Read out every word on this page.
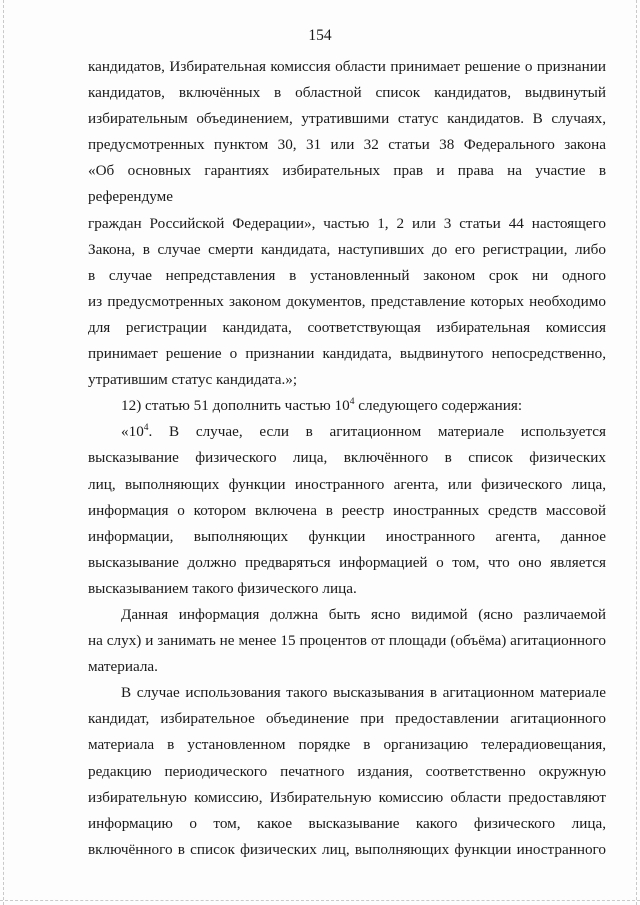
154
кандидатов, Избирательная комиссия области принимает решение о признании
кандидатов, включённых в областной список кандидатов, выдвинутый
избирательным объединением, утратившими статус кандидатов. В случаях,
предусмотренных пунктом 30, 31 или 32 статьи 38 Федерального закона
«Об основных гарантиях избирательных прав и права на участие в референдуме
граждан Российской Федерации», частью 1, 2 или 3 статьи 44 настоящего
Закона, в случае смерти кандидата, наступивших до его регистрации, либо
в случае непредставления в установленный законом срок ни одного
из предусмотренных законом документов, представление которых необходимо
для регистрации кандидата, соответствующая избирательная комиссия
принимает решение о признании кандидата, выдвинутого непосредственно,
утратившим статус кандидата.»;
12) статью 51 дополнить частью $10^4$ следующего содержания:
«$10^4$. В случае, если в агитационном материале используется
высказывание физического лица, включённого в список физических
лиц, выполняющих функции иностранного агента, или физического лица,
информация о котором включена в реестр иностранных средств массовой
информации, выполняющих функции иностранного агента, данное
высказывание должно предваряться информацией о том, что оно является
высказыванием такого физического лица.
Данная информация должна быть ясно видимой (ясно различаемой
на слух) и занимать не менее 15 процентов от площади (объёма) агитационного
материала.
В случае использования такого высказывания в агитационном материале
кандидат, избирательное объединение при предоставлении агитационного
материала в установленном порядке в организацию телерадиовещания,
редакцию периодического печатного издания, соответственно окружную
избирательную комиссию, Избирательную комиссию области предоставляют
информацию о том, какое высказывание какого физического лица,
включённого в список физических лиц, выполняющих функции иностранного
